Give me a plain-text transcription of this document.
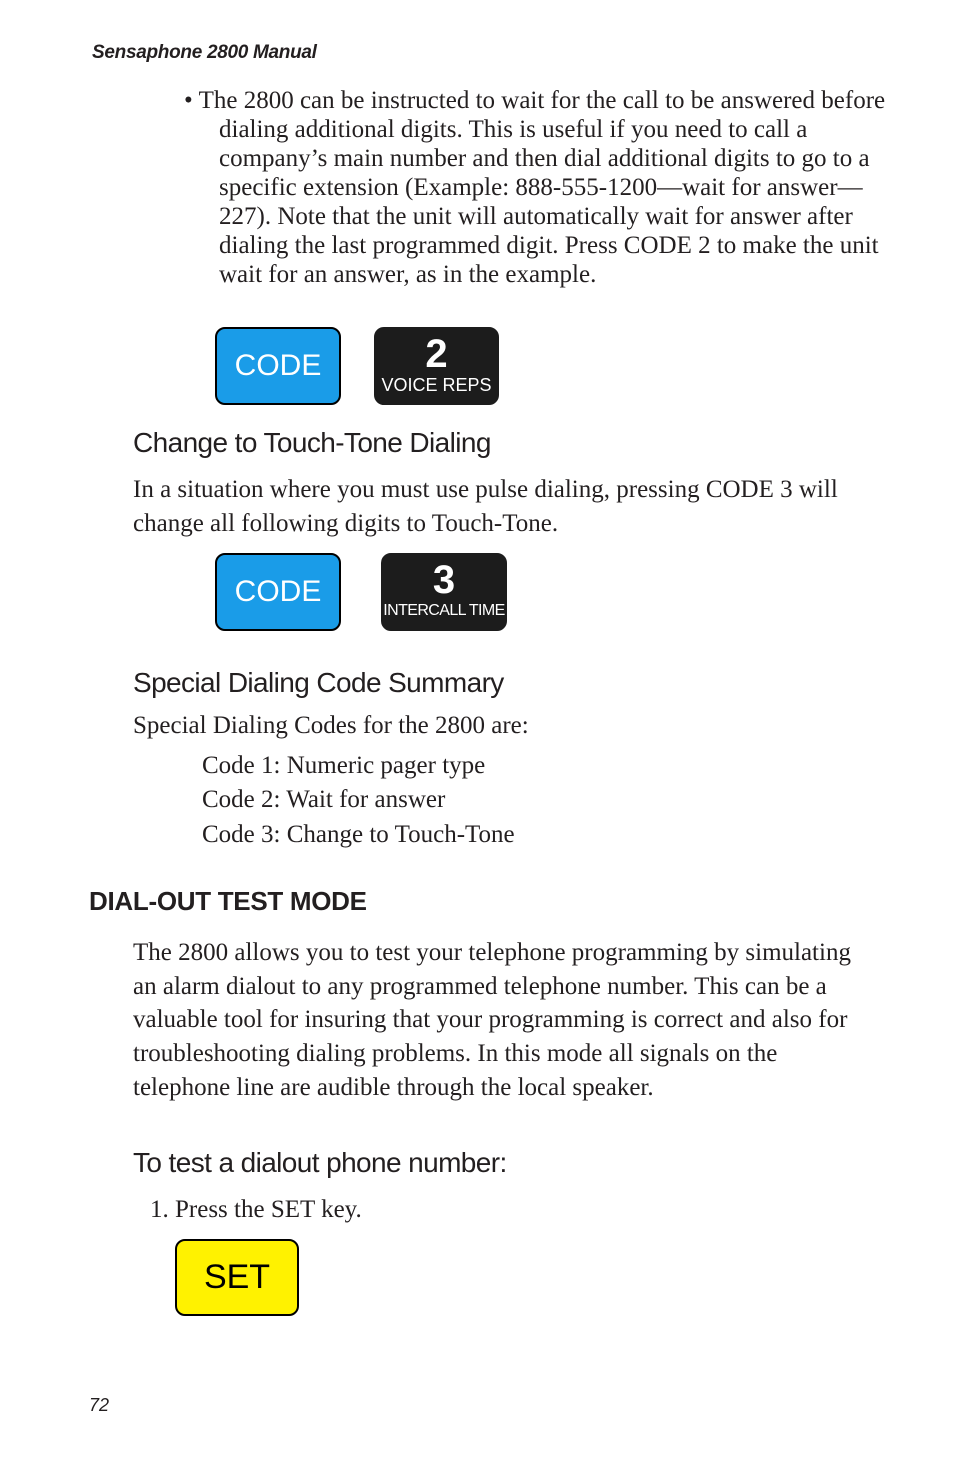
Sensaphone 2800 Manual

• The 2800 can be instructed to wait for the call to be answered before dialing additional digits. This is useful if you need to call a company’s main number and then dial additional digits to go to a specific extension (Example: 888-555-1200—wait for answer—227). Note that the unit will automatically wait for answer after dialing the last programmed digit. Press CODE 2 to make the unit wait for an answer, as in the example.

CODE	2
VOICE REPS
Change to Touch-Tone Dialing

In a situation where you must use pulse dialing, pressing CODE 3 will change all following digits to Touch-Tone.

CODE	3
INTERCALL TIME
Special Dialing Code Summary

Special Dialing Codes for the 2800 are:

Code 1: Numeric pager type

Code 2: Wait for answer

Code 3: Change to Touch-Tone

DIAL-OUT TEST MODE

The 2800 allows you to test your telephone programming by simulating an alarm dialout to any programmed telephone number. This can be a valuable tool for insuring that your programming is correct and also for troubleshooting dialing problems. In this mode all signals on the telephone line are audible through the local speaker.

To test a dialout phone number:

1. Press the SET key.

SET
72
